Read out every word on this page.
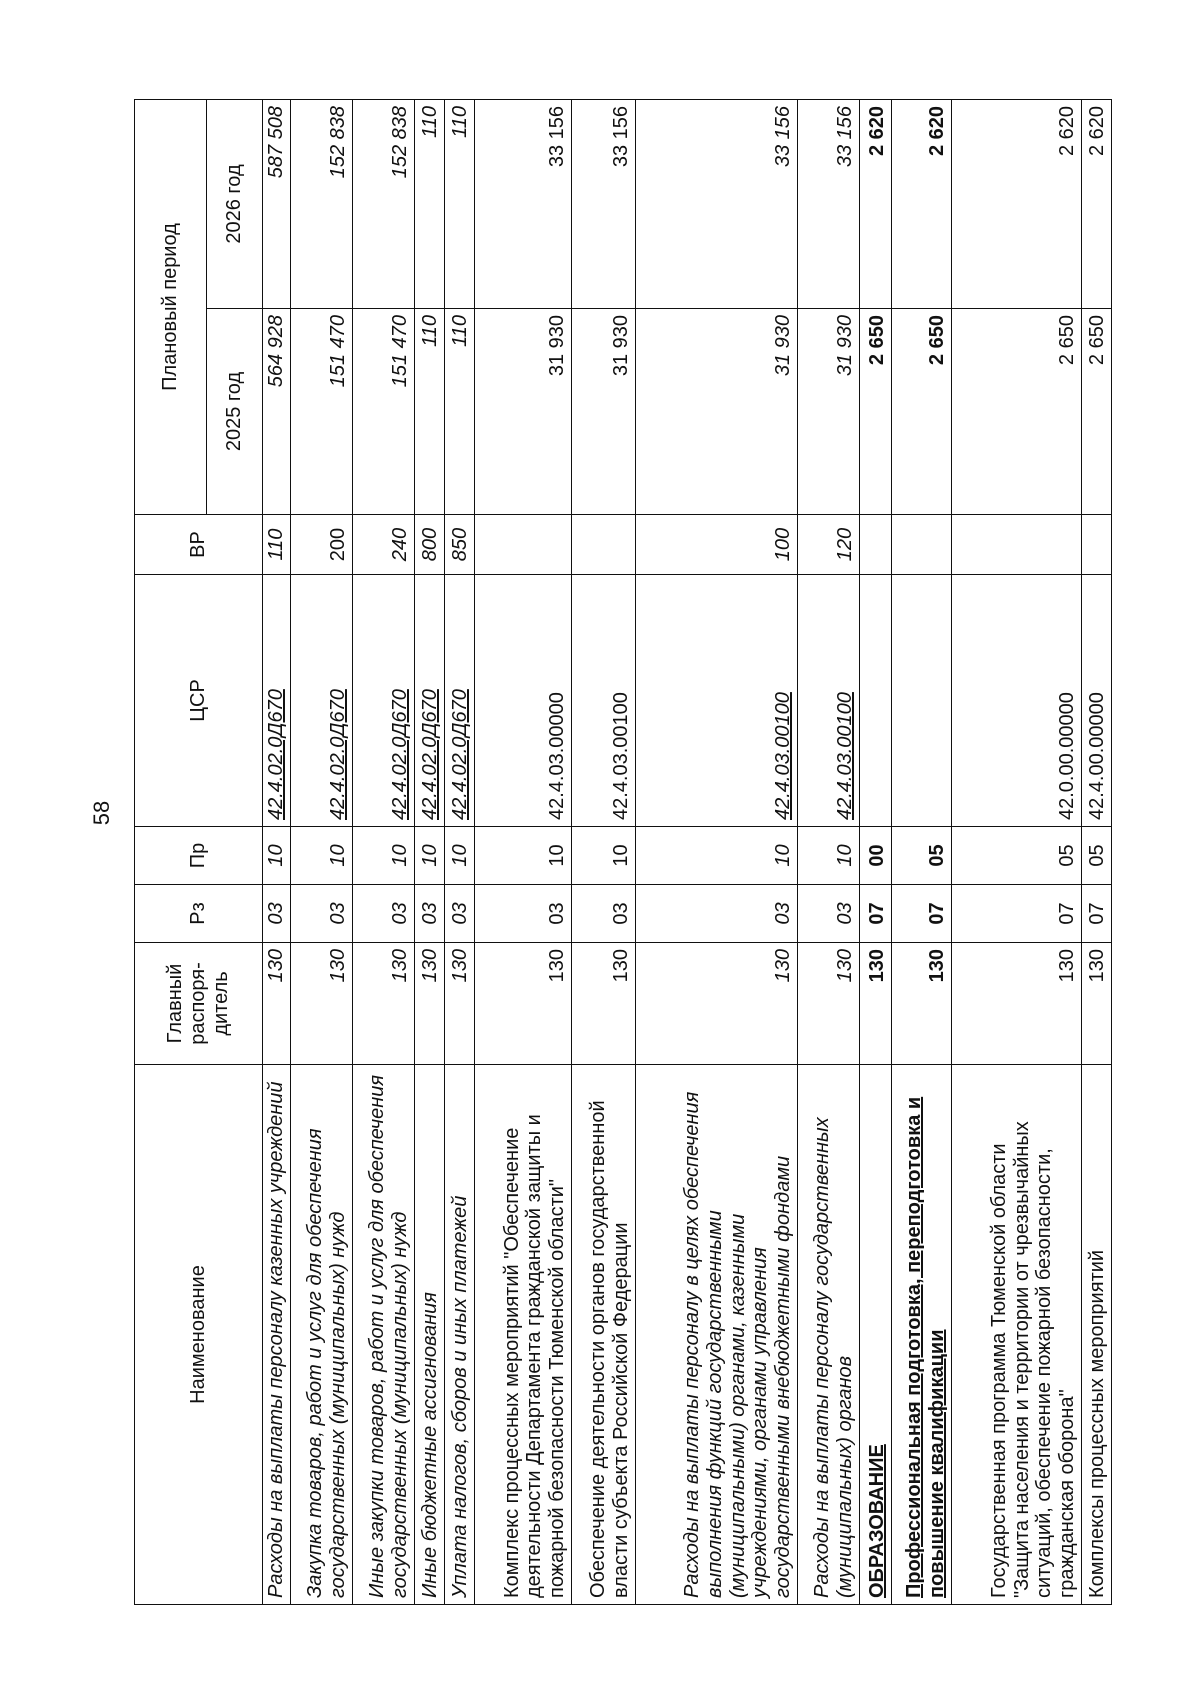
58
Наименование	Главный распоря-дитель	Рз	Пр	ЦСР	ВР	Плановый период	
						2025 год	2026 год
Расходы на выплаты персоналу казенных учреждений	130	03	10	42.4.02.0Д670	110	564 928	587 508
Закупка товаров, работ и услуг для обеспечения государственных (муниципальных) нужд	130	03	10	42.4.02.0Д670	200	151 470	152 838
Иные закупки товаров, работ и услуг для обеспечения государственных (муниципальных) нужд	130	03	10	42.4.02.0Д670	240	151 470	152 838
Иные бюджетные ассигнования	130	03	10	42.4.02.0Д670	800	110	110
Уплата налогов, сборов и иных платежей	130	03	10	42.4.02.0Д670	850	110	110
Комплекс процессных мероприятий "Обеспечение деятельности Департамента гражданской защиты и пожарной безопасности Тюменской области"	130	03	10	42.4.03.00000		31 930	33 156
Обеспечение деятельности органов государственной власти субъекта Российской Федерации	130	03	10	42.4.03.00100		31 930	33 156
Расходы на выплаты персоналу в целях обеспечения выполнения функций государственными (муниципальными) органами, казенными учреждениями, органами управления государственными внебюджетными фондами	130	03	10	42.4.03.00100	100	31 930	33 156
Расходы на выплаты персоналу государственных (муниципальных) органов	130	03	10	42.4.03.00100	120	31 930	33 156
ОБРАЗОВАНИЕ	130	07	00			2 650	2 620
Профессиональная подготовка, переподготовка и повышение квалификации	130	07	05			2 650	2 620
Государственная программа Тюменской области "Защита населения и территории от чрезвычайных ситуаций, обеспечение пожарной безопасности, гражданская оборона"	130	07	05	42.0.00.00000		2 650	2 620
Комплексы процессных мероприятий	130	07	05	42.4.00.00000		2 650	2 620
